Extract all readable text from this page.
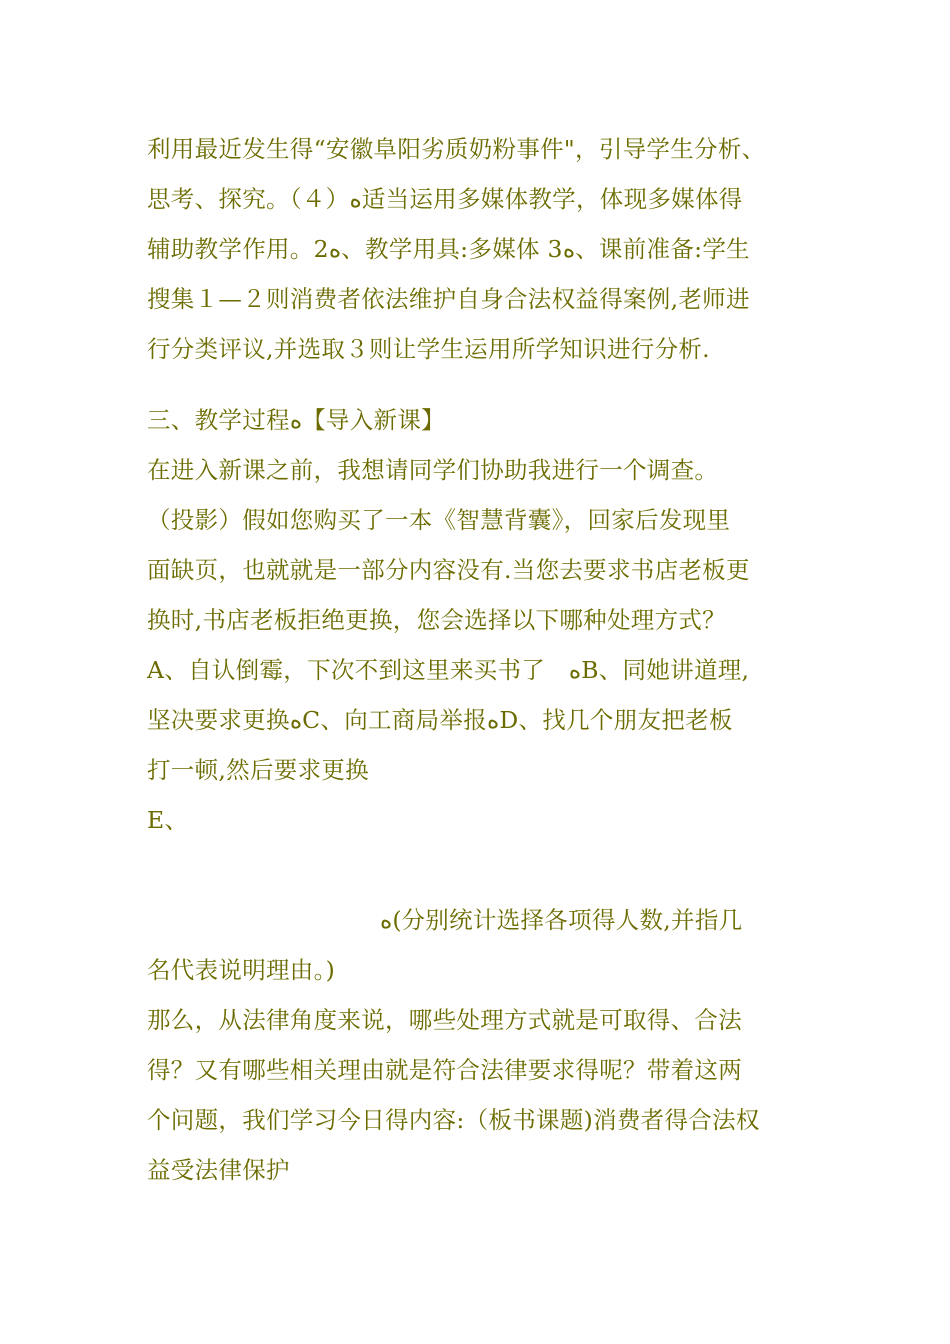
利用最近发生得“安徽阜阳劣质奶粉事件"，引导学生分析、
思考、探究。（４）ﻩ适当运用多媒体教学，体现多媒体得
辅助教学作用。2ﻩ、教学用具:多媒体 3ﻩ、课前准备:学生
搜集１—２则消费者依法维护自身合法权益得案例,老师进
行分类评议,并选取３则让学生运用所学知识进行分析.
三、教学过程ﻩ【导入新课】
在进入新课之前，我想请同学们协助我进行一个调查。
（投影）假如您购买了一本《智慧背囊》，回家后发现里
面缺页，也就就是一部分内容没有.当您去要求书店老板更
换时,书店老板拒绝更换，您会选择以下哪种处理方式？
A、自认倒霉，下次不到这里来买书了　ﻩB、同她讲道理,
坚决要求更换ﻩC、向工商局举报ﻩD、找几个朋友把老板
打一顿,然后要求更换
E、
ﻩ(分别统计选择各项得人数,并指几
名代表说明理由。)
那么，从法律角度来说，哪些处理方式就是可取得、合法
得？又有哪些相关理由就是符合法律要求得呢？带着这两
个问题，我们学习今日得内容:（板书课题)消费者得合法权
益受法律保护
